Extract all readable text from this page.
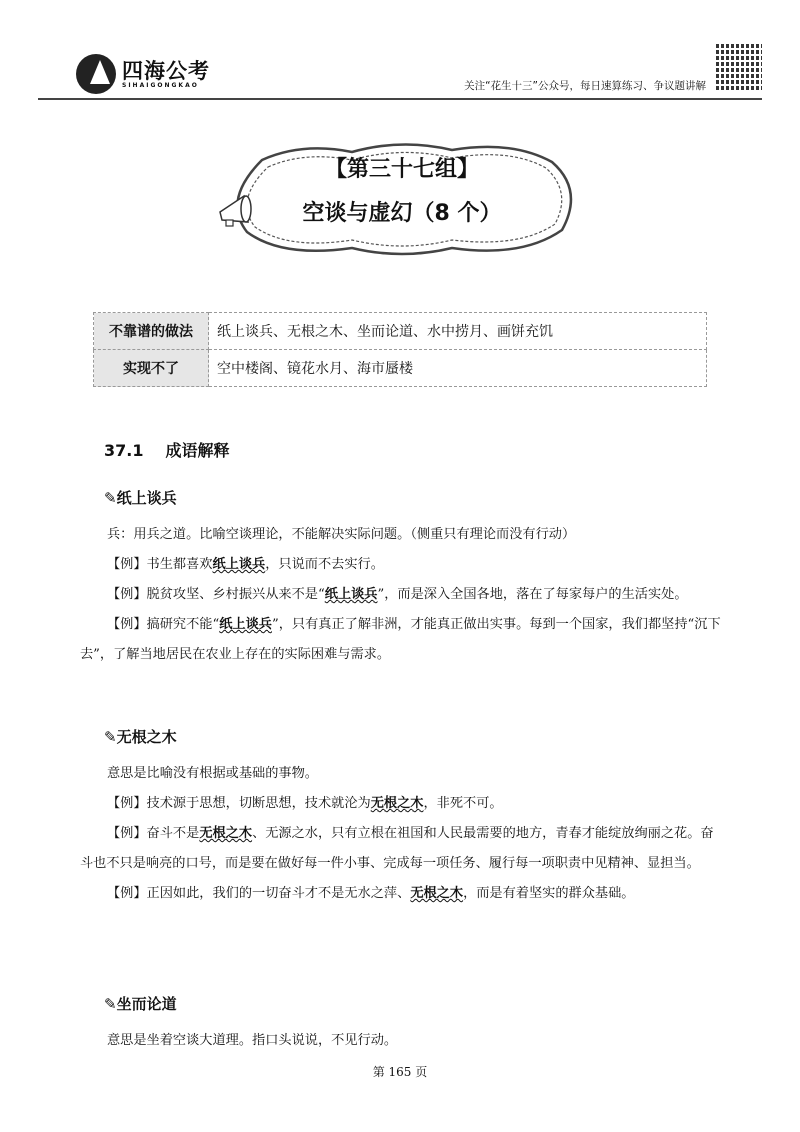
四海公考
SIHAIGONGKAO	关注“花生十三”公众号，每日速算练习、争议题讲解
【第三十七组】
空谈与虚幻（8 个）
不靠谱的做法	纸上谈兵、无根之木、坐而论道、水中捞月、画饼充饥
实现不了	空中楼阁、镜花水月、海市蜃楼
37.1 成语解释
✎纸上谈兵

兵：用兵之道。比喻空谈理论，不能解决实际问题。（侧重只有理论而没有行动）

【例】书生都喜欢纸上谈兵，只说而不去实行。

【例】脱贫攻坚、乡村振兴从来不是“纸上谈兵”，而是深入全国各地，落在了每家每户的生活实处。

【例】搞研究不能“纸上谈兵”，只有真正了解非洲，才能真正做出实事。每到一个国家，我们都坚持“沉下去”，了解当地居民在农业上存在的实际困难与需求。

✎无根之木

意思是比喻没有根据或基础的事物。

【例】技术源于思想，切断思想，技术就沦为无根之木，非死不可。

【例】奋斗不是无根之木、无源之水，只有立根在祖国和人民最需要的地方，青春才能绽放绚丽之花。奋斗也不只是响亮的口号，而是要在做好每一件小事、完成每一项任务、履行每一项职责中见精神、显担当。

【例】正因如此，我们的一切奋斗才不是无水之萍、无根之木，而是有着坚实的群众基础。

✎坐而论道

意思是坐着空谈大道理。指口头说说，不见行动。

第 165 页
